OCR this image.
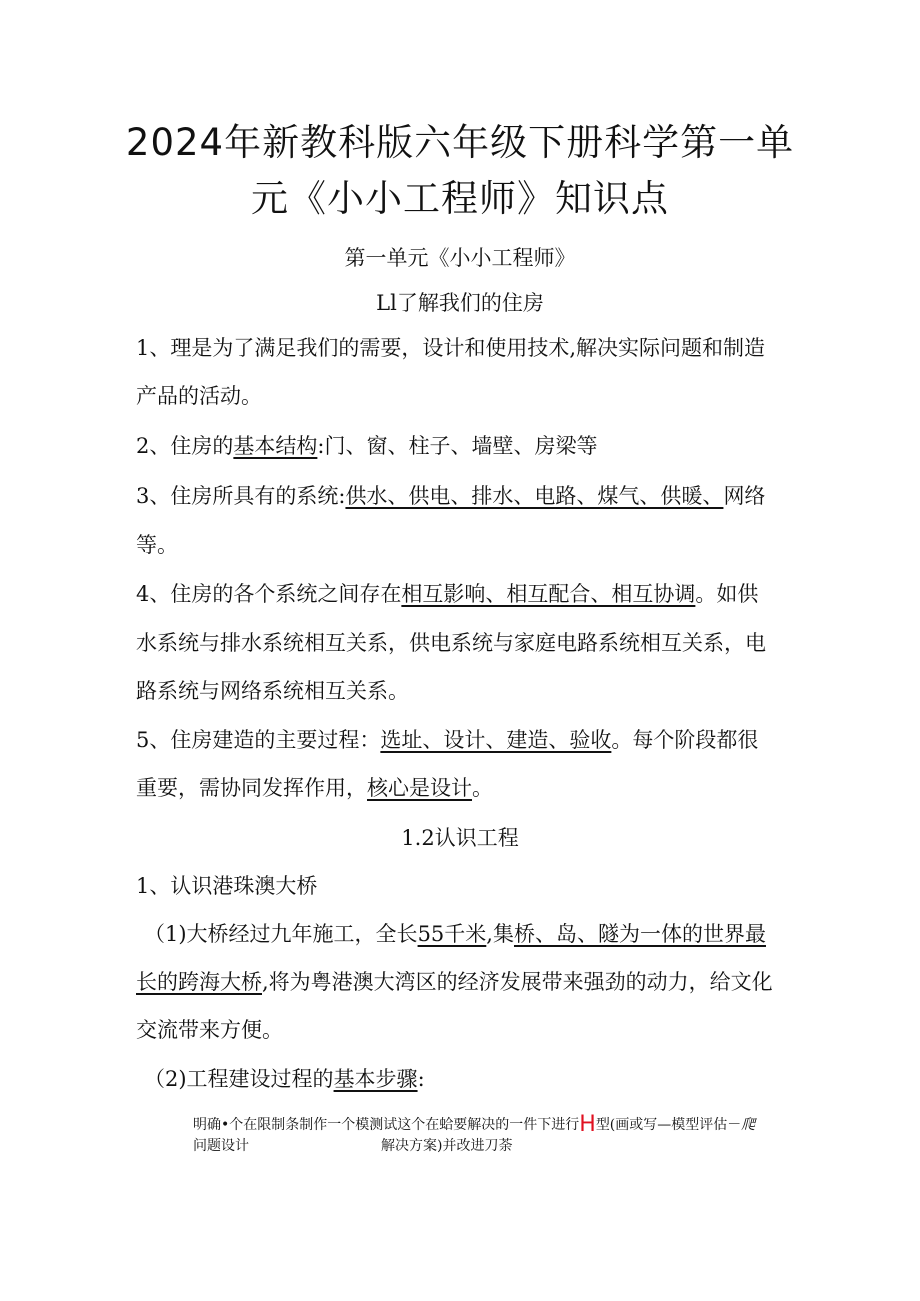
2024年新教科版六年级下册科学第一单
元《小小工程师》知识点
第一单元《小小工程师》
Ll了解我们的住房
1、理是为了满足我们的需要，设计和使用技术,解决实际问题和制造
产品的活动。
2、住房的基本结构:门、窗、柱子、墙壁、房梁等
3、住房所具有的系统:供水、供电、排水、电路、煤气、供暖、网络
等。
4、住房的各个系统之间存在相互影响、相互配合、相互协调。如供
水系统与排水系统相互关系，供电系统与家庭电路系统相互关系，电
路系统与网络系统相互关系。
5、住房建造的主要过程：选址、设计、建造、验收。每个阶段都很
重要，需协同发挥作用，核心是设计。
1.2认识工程
1、认识港珠澳大桥
（1)大桥经过九年施工，全长55千米,集桥、岛、隧为一体的世界最
长的跨海大桥,将为粤港澳大湾区的经济发展带来强劲的动力，给文化
交流带来方便。
（2)工程建设过程的基本步骤:
明确•个在限制条制作一个模测试这个在蛤要解决的一件下进行H型(画或写—模型评估－爬
问题设计	解决方案)并改进刀荼
